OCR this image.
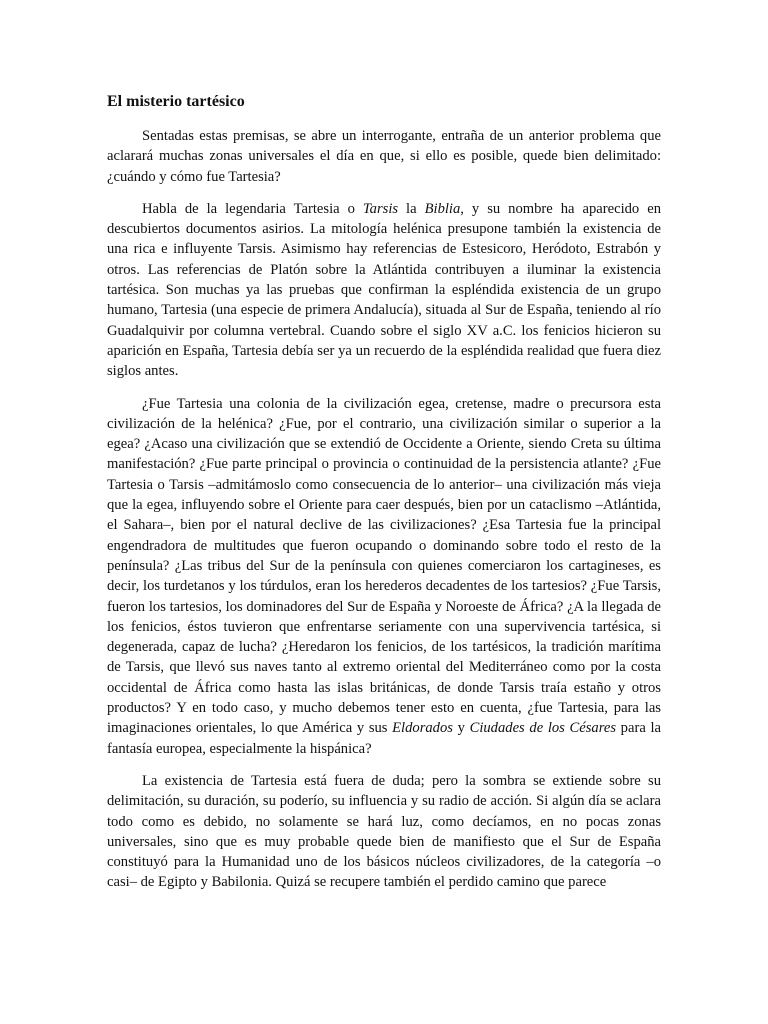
El misterio tartésico

Sentadas estas premisas, se abre un interrogante, entraña de un anterior problema que aclarará muchas zonas universales el día en que, si ello es posible, quede bien delimitado: ¿cuándo y cómo fue Tartesia?

Habla de la legendaria Tartesia o Tarsis la Biblia, y su nombre ha aparecido en descubiertos documentos asirios. La mitología helénica presupone también la existencia de una rica e influyente Tarsis. Asimismo hay referencias de Estesicoro, Heródoto, Estrabón y otros. Las referencias de Platón sobre la Atlántida contribuyen a iluminar la existencia tartésica. Son muchas ya las pruebas que confirman la espléndida existencia de un grupo humano, Tartesia (una especie de primera Andalucía), situada al Sur de España, teniendo al río Guadalquivir por columna vertebral. Cuando sobre el siglo XV a.C. los fenicios hicieron su aparición en España, Tartesia debía ser ya un recuerdo de la espléndida realidad que fuera diez siglos antes.

¿Fue Tartesia una colonia de la civilización egea, cretense, madre o precursora esta civilización de la helénica? ¿Fue, por el contrario, una civilización similar o superior a la egea? ¿Acaso una civilización que se extendió de Occidente a Oriente, siendo Creta su última manifestación? ¿Fue parte principal o provincia o continuidad de la persistencia atlante? ¿Fue Tartesia o Tarsis –admitámoslo como consecuencia de lo anterior– una civilización más vieja que la egea, influyendo sobre el Oriente para caer después, bien por un cataclismo –Atlántida, el Sahara–, bien por el natural declive de las civilizaciones? ¿Esa Tartesia fue la principal engendradora de multitudes que fueron ocupando o dominando sobre todo el resto de la península? ¿Las tribus del Sur de la península con quienes comerciaron los cartagineses, es decir, los turdetanos y los túrdulos, eran los herederos decadentes de los tartesios? ¿Fue Tarsis, fueron los tartesios, los dominadores del Sur de España y Noroeste de África? ¿A la llegada de los fenicios, éstos tuvieron que enfrentarse seriamente con una supervivencia tartésica, si degenerada, capaz de lucha? ¿Heredaron los fenicios, de los tartésicos, la tradición marítima de Tarsis, que llevó sus naves tanto al extremo oriental del Mediterráneo como por la costa occidental de África como hasta las islas británicas, de donde Tarsis traía estaño y otros productos? Y en todo caso, y mucho debemos tener esto en cuenta, ¿fue Tartesia, para las imaginaciones orientales, lo que América y sus Eldorados y Ciudades de los Césares para la fantasía europea, especialmente la hispánica?

La existencia de Tartesia está fuera de duda; pero la sombra se extiende sobre su delimitación, su duración, su poderío, su influencia y su radio de acción. Si algún día se aclara todo como es debido, no solamente se hará luz, como decíamos, en no pocas zonas universales, sino que es muy probable quede bien de manifiesto que el Sur de España constituyó para la Humanidad uno de los básicos núcleos civilizadores, de la categoría –o casi– de Egipto y Babilonia. Quizá se recupere también el perdido camino que parece
